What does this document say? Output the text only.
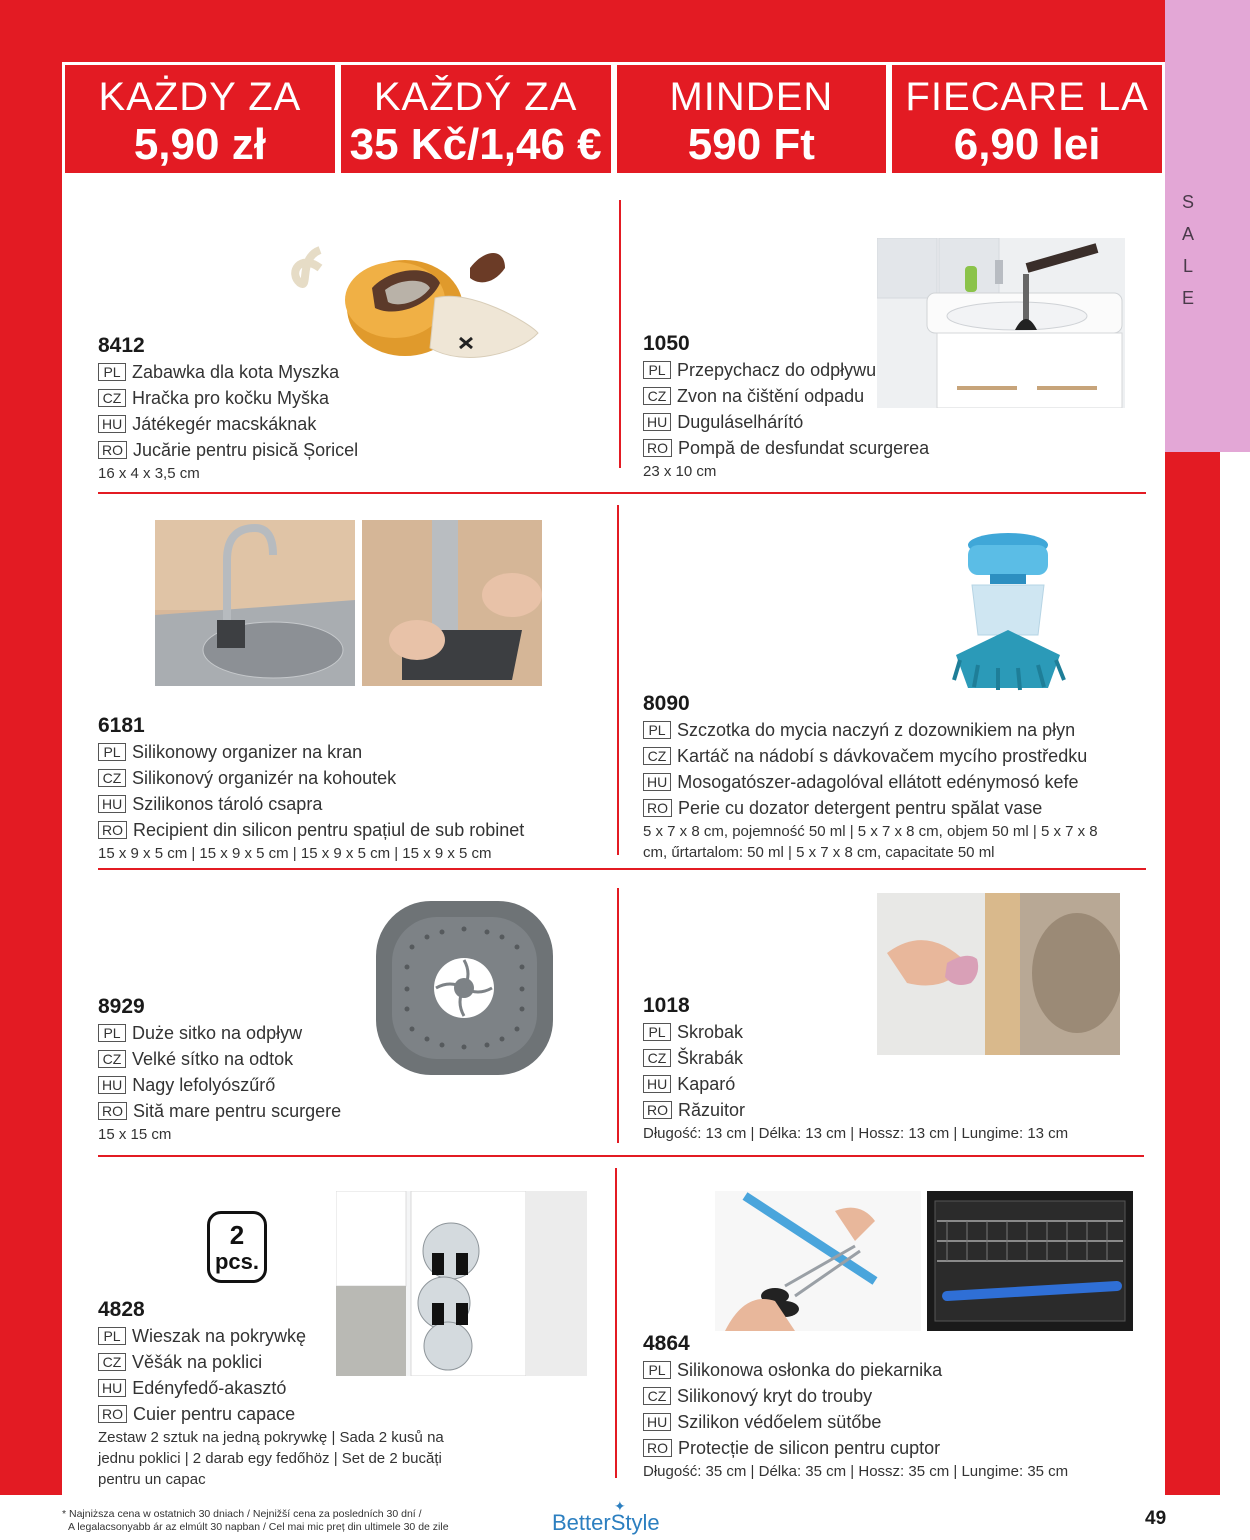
S
A
L
E
KAŻDY ZA
5,90 zł
KAŽDÝ ZA
35 Kč/1,46 €
MINDEN
590 Ft
FIECARE LA
6,90 lei
8412
PL Zabawka dla kota Myszka
CZ Hračka pro kočku Myška
HU Játékegér macskáknak
RO Jucărie pentru pisică Șoricel
16 x 4 x 3,5 cm
1050
PL Przepychacz do odpływu
CZ Zvon na čištění odpadu
HU Duguláselhárító
RO Pompă de desfundat scurgerea
23 x 10 cm
6181
PL Silikonowy organizer na kran
CZ Silikonový organizér na kohoutek
HU Szilikonos tároló csapra
RO Recipient din silicon pentru spațiul de sub robinet
15 x 9 x 5 cm | 15 x 9 x 5 cm | 15 x 9 x 5 cm | 15 x 9 x 5 cm
8090
PL Szczotka do mycia naczyń z dozownikiem na płyn
CZ Kartáč na nádobí s dávkovačem mycího prostředku
HU Mosogatószer-adagolóval ellátott edénymosó kefe
RO Perie cu dozator detergent pentru spălat vase
5 x 7 x 8 cm, pojemność 50 ml | 5 x 7 x 8 cm, objem 50 ml | 5 x 7 x 8
cm, űrtartalom: 50 ml | 5 x 7 x 8 cm, capacitate 50 ml
8929
PL Duże sitko na odpływ
CZ Velké sítko na odtok
HU Nagy lefolyószűrő
RO Sită mare pentru scurgere
15 x 15 cm
1018
PL Skrobak
CZ Škrabák
HU Kaparó
RO Răzuitor
Długość: 13 cm | Délka: 13 cm | Hossz: 13 cm | Lungime: 13 cm
2
pcs.
4828
PL Wieszak na pokrywkę
CZ Věšák na poklici
HU Edényfedő-akasztó
RO Cuier pentru capace
Zestaw 2 sztuk na jedną pokrywkę | Sada 2 kusů na
jednu poklici | 2 darab egy fedőhöz | Set de 2 bucăți
pentru un capac
4864
PL Silikonowa osłonka do piekarnika
CZ Silikonový kryt do trouby
HU Szilikon védőelem sütőbe
RO Protecție de silicon pentru cuptor
Długość: 35 cm | Délka: 35 cm | Hossz: 35 cm | Lungime: 35 cm
* Najniższa cena w ostatnich 30 dniach / Nejnižší cena za posledních 30 dní /
A legalacsonyabb ár az elmúlt 30 napban / Cel mai mic preț din ultimele 30 de zile
✦
BetterStyle	49
